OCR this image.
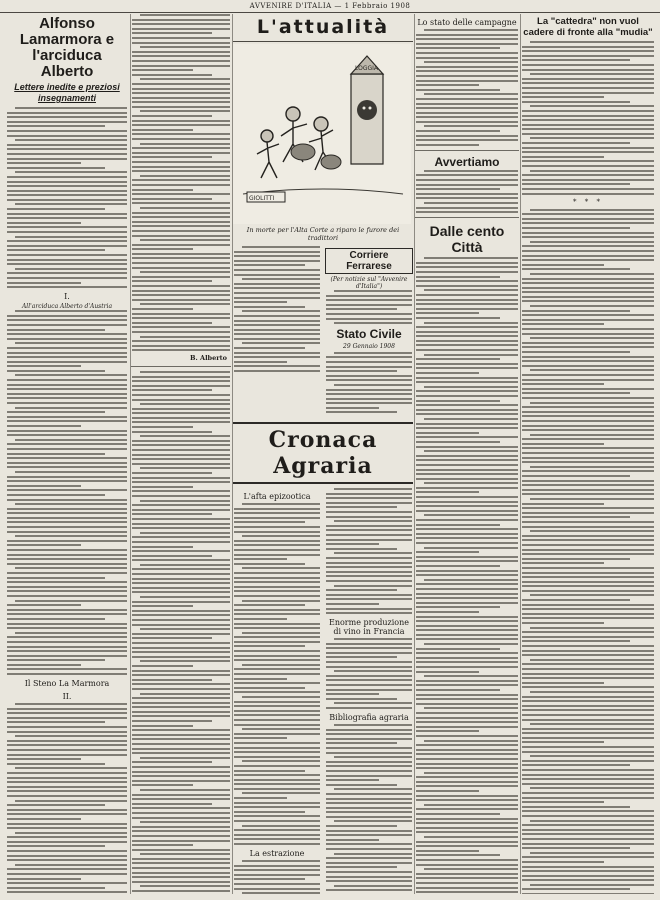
AVVENIRE D'ITALIA — 1 Febbraio 1908
Alfonso Lamarmora e l'arciduca Alberto
Lettere inedite e preziosi insegnamenti
I.
All'arciduca Alberto d'Austria
Il Steno La Marmora
II.
B. Alberto
L'attualità
LOGGIA
GIOLITTI
In morte per l'Alta Corte a riparo le furore dei tradittori
Corriere Ferrarese
(Per notizie sul "Avvenire d'Italia")
Stato Civile
29 Gennaio 1908
Cronaca Agraria
L'afta epizootica
La estrazione
Enorme produzione di vino in Francia
Bibliografia agraria
Lo stato delle campagne
Avvertiamo
Dalle cento Città
La "cattedra" non vuol cadere di fronte alla "mudia"
* * *
